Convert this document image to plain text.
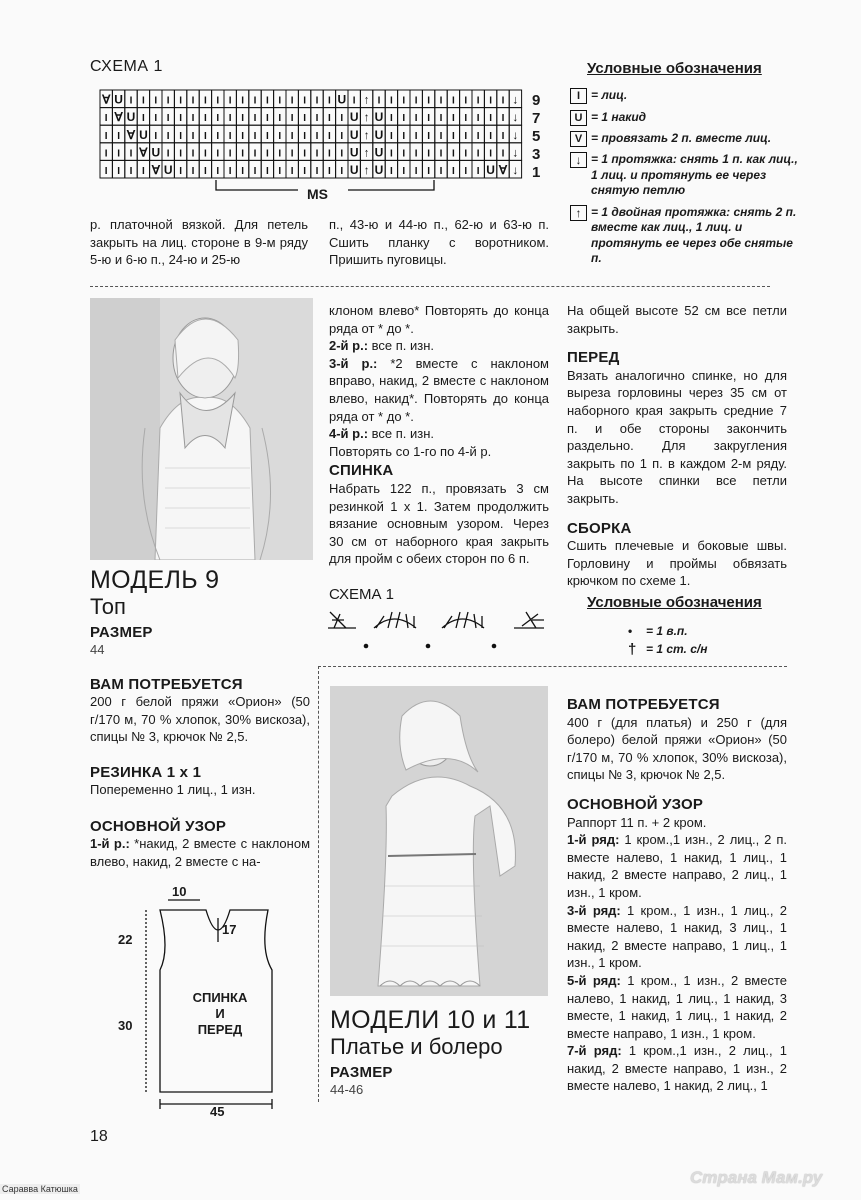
СХЕМА 1
∀ U I I I I I I I I I I I I I I I I I U I ↑ I I I I I I I I I I I ↓
I ∀ U I I I I I I I I I I I I I I I I I U ↑ U I I I I I I I I I I ↓
I I ∀ U I I I I I I I I I I I I I I I I U ↑ U I I I I I I I I I I ↓
I I I ∀ U I I I I I I I I I I I I I I I U ↑ U I I I I I I I I I I ↓
I I I I ∀ U I I I I I I I I I I I I I I U ↑ U I I I I I I I I U ∀ ↓
MS
9
7
5
3
1
Условные обозначения
I = лиц.
U = 1 накид
V = провязать 2 п. вместе лиц.
↓ = 1 протяжка: снять 1 п. как лиц., 1 лиц. и протянуть ее через снятую петлю
↑ = 1 двойная протяжка: снять 2 п. вместе как лиц., 1 лиц. и протянуть ее через обе снятые п.

р. платочной вязкой. Для петель закрыть на лиц. стороне в 9-м ряду 5-ю и 6-ю п., 24-ю и 25-ю

п., 43-ю и 44-ю п., 62-ю и 63-ю п. Сшить планку с воротником. Пришить пуговицы.

МОДЕЛЬ 9

Топ

РАЗМЕР

44

ВАМ ПОТРЕБУЕТСЯ

200 г белой пряжи «Орион» (50 г/170 м, 70 % хлопок, 30% вискоза), спицы № 3, крючок № 2,5.

РЕЗИНКА 1 х 1

Попеременно 1 лиц., 1 изн.

ОСНОВНОЙ УЗОР

1-й р.: *накид, 2 вместе с наклоном влево, накид, 2 вместе с на-

10
17
22
30
45
СПИНКА
И
ПЕРЕД

клоном влево* Повторять до конца ряда от * до *.

2-й р.: все п. изн.

3-й р.: *2 вместе с наклоном вправо, накид, 2 вместе с наклоном влево, накид*. Повторять до конца ряда от * до *.

4-й р.: все п. изн.

Повторять со 1-го по 4-й р.

СПИНКА

Набрать 122 п., провязать 3 см резинкой 1 х 1. Затем продолжить вязание основным узором. Через 30 см от наборного края закрыть для пройм с обеих сторон по 6 п.

СХЕМА 1

На общей высоте 52 см все петли закрыть.

ПЕРЕД

Вязать аналогично спинке, но для выреза горловины через 35 см от наборного края закрыть средние 7 п. и обе стороны закончить раздельно. Для закругления закрыть по 1 п. в каждом 2-м ряду. На высоте спинки все петли закрыть.

СБОРКА

Сшить плечевые и боковые швы. Горловину и проймы обвязать крючком по схеме 1.

Условные обозначения
•	= 1 в.п.
† = 1 ст. с/н

МОДЕЛИ 10 и 11

Платье и болеро

РАЗМЕР

44-46

ВАМ ПОТРЕБУЕТСЯ

400 г (для платья) и 250 г (для болеро) белой пряжи «Орион» (50 г/170 м, 70 % хлопок, 30% вискоза), спицы № 3, крючок № 2,5.

ОСНОВНОЙ УЗОР

Раппорт 11 п. + 2 кром.

1-й ряд: 1 кром.,1 изн., 2 лиц., 2 п. вместе налево, 1 накид, 1 лиц., 1 накид, 2 вместе направо, 2 лиц., 1 изн., 1 кром.

3-й ряд: 1 кром., 1 изн., 1 лиц., 2 вместе налево, 1 накид, 3 лиц., 1 накид, 2 вместе направо, 1 лиц., 1 изн., 1 кром.

5-й ряд: 1 кром., 1 изн., 2 вместе налево, 1 накид, 1 лиц., 1 накид, 3 вместе, 1 накид, 1 лиц., 1 накид, 2 вместе направо, 1 изн., 1 кром.

7-й ряд: 1 кром.,1 изн., 2 лиц., 1 накид, 2 вместе направо, 1 изн., 2 вместе налево, 1 накид, 2 лиц., 1

18
Саравва Катюшка
Страна Мам.ру
